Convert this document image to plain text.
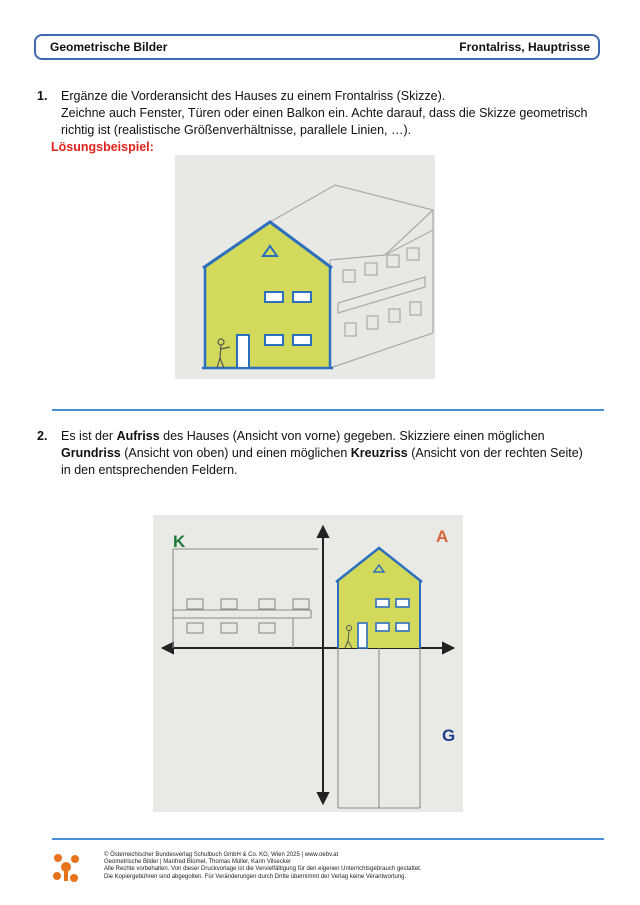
Geometrische Bilder	Frontalriss, Hauptrisse
1. Ergänze die Vorderansicht des Hauses zu einem Frontalriss (Skizze).
Zeichne auch Fenster, Türen oder einen Balkon ein. Achte darauf, dass die Skizze geometrisch
richtig ist (realistische Größenverhältnisse, parallele Linien, …).
Lösungsbeispiel:
2. Es ist der Aufriss des Hauses (Ansicht von vorne) gegeben. Skizziere einen möglichen
Grundriss (Ansicht von oben) und einen möglichen Kreuzriss (Ansicht von der rechten Seite)
in den entsprechenden Feldern.
K	A
G
© Österreichischer Bundesverlag Schulbuch GmbH & Co. KG, Wien 2025 | www.oebv.at
Geometrische Bilder | Manfred Blümel, Thomas Müller, Karin Vilsecker
Alle Rechte vorbehalten. Von dieser Druckvorlage ist die Vervielfältigung für den eigenen Unterrichtsgebrauch gestattet.
Die Kopiergebühren sind abgegolten. Für Veränderungen durch Dritte übernimmt der Verlag keine Verantwortung.
